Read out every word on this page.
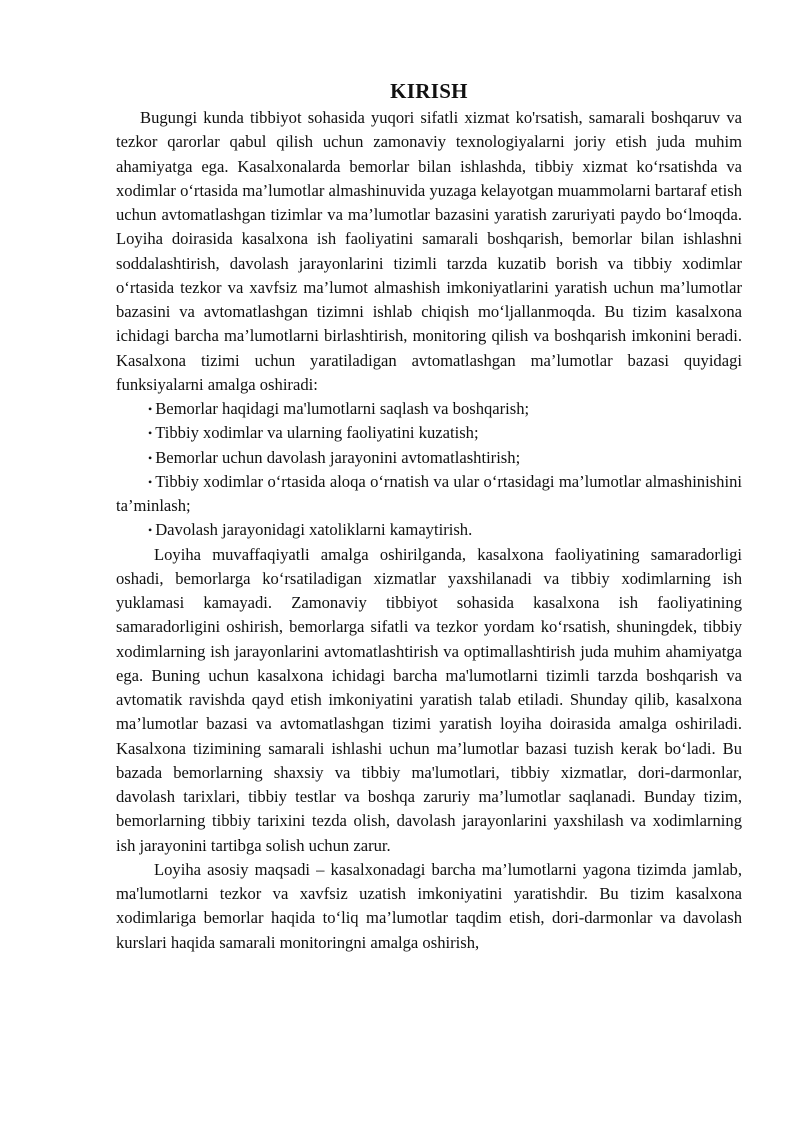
KIRISH

Bugungi kunda tibbiyot sohasida yuqori sifatli xizmat ko'rsatish, samarali boshqaruv va tezkor qarorlar qabul qilish uchun zamonaviy texnologiyalarni joriy etish juda muhim ahamiyatga ega. Kasalxonalarda bemorlar bilan ishlashda, tibbiy xizmat ko‘rsatishda va xodimlar o‘rtasida ma’lumotlar almashinuvida yuzaga kelayotgan muammolarni bartaraf etish uchun avtomatlashgan tizimlar va ma’lumotlar bazasini yaratish zaruriyati paydo bo‘lmoqda. Loyiha doirasida kasalxona ish faoliyatini samarali boshqarish, bemorlar bilan ishlashni soddalashtirish, davolash jarayonlarini tizimli tarzda kuzatib borish va tibbiy xodimlar o‘rtasida tezkor va xavfsiz ma’lumot almashish imkoniyatlarini yaratish uchun ma’lumotlar bazasini va avtomatlashgan tizimni ishlab chiqish mo‘ljallanmoqda. Bu tizim kasalxona ichidagi barcha ma’lumotlarni birlashtirish, monitoring qilish va boshqarish imkonini beradi. Kasalxona tizimi uchun yaratiladigan avtomatlashgan ma’lumotlar bazasi quyidagi funksiyalarni amalga oshiradi:

• Bemorlar haqidagi ma'lumotlarni saqlash va boshqarish;
• Tibbiy xodimlar va ularning faoliyatini kuzatish;
• Bemorlar uchun davolash jarayonini avtomatlashtirish;
• Tibbiy xodimlar o‘rtasida aloqa o‘rnatish va ular o‘rtasidagi ma’lumotlar almashinishini ta’minlash;
• Davolash jarayonidagi xatoliklarni kamaytirish.

Loyiha muvaffaqiyatli amalga oshirilganda, kasalxona faoliyatining samaradorligi oshadi, bemorlarga ko‘rsatiladigan xizmatlar yaxshilanadi va tibbiy xodimlarning ish yuklamasi kamayadi. Zamonaviy tibbiyot sohasida kasalxona ish faoliyatining samaradorligini oshirish, bemorlarga sifatli va tezkor yordam ko‘rsatish, shuningdek, tibbiy xodimlarning ish jarayonlarini avtomatlashtirish va optimallashtirish juda muhim ahamiyatga ega. Buning uchun kasalxona ichidagi barcha ma'lumotlarni tizimli tarzda boshqarish va avtomatik ravishda qayd etish imkoniyatini yaratish talab etiladi. Shunday qilib, kasalxona ma’lumotlar bazasi va avtomatlashgan tizimi yaratish loyiha doirasida amalga oshiriladi. Kasalxona tizimining samarali ishlashi uchun ma’lumotlar bazasi tuzish kerak bo‘ladi. Bu bazada bemorlarning shaxsiy va tibbiy ma'lumotlari, tibbiy xizmatlar, dori-darmonlar, davolash tarixlari, tibbiy testlar va boshqa zaruriy ma’lumotlar saqlanadi. Bunday tizim, bemorlarning tibbiy tarixini tezda olish, davolash jarayonlarini yaxshilash va xodimlarning ish jarayonini tartibga solish uchun zarur.

Loyiha asosiy maqsadi – kasalxonadagi barcha ma’lumotlarni yagona tizimda jamlab, ma'lumotlarni tezkor va xavfsiz uzatish imkoniyatini yaratishdir. Bu tizim kasalxona xodimlariga bemorlar haqida to‘liq ma’lumotlar taqdim etish, dori-darmonlar va davolash kurslari haqida samarali monitoringni amalga oshirish,
